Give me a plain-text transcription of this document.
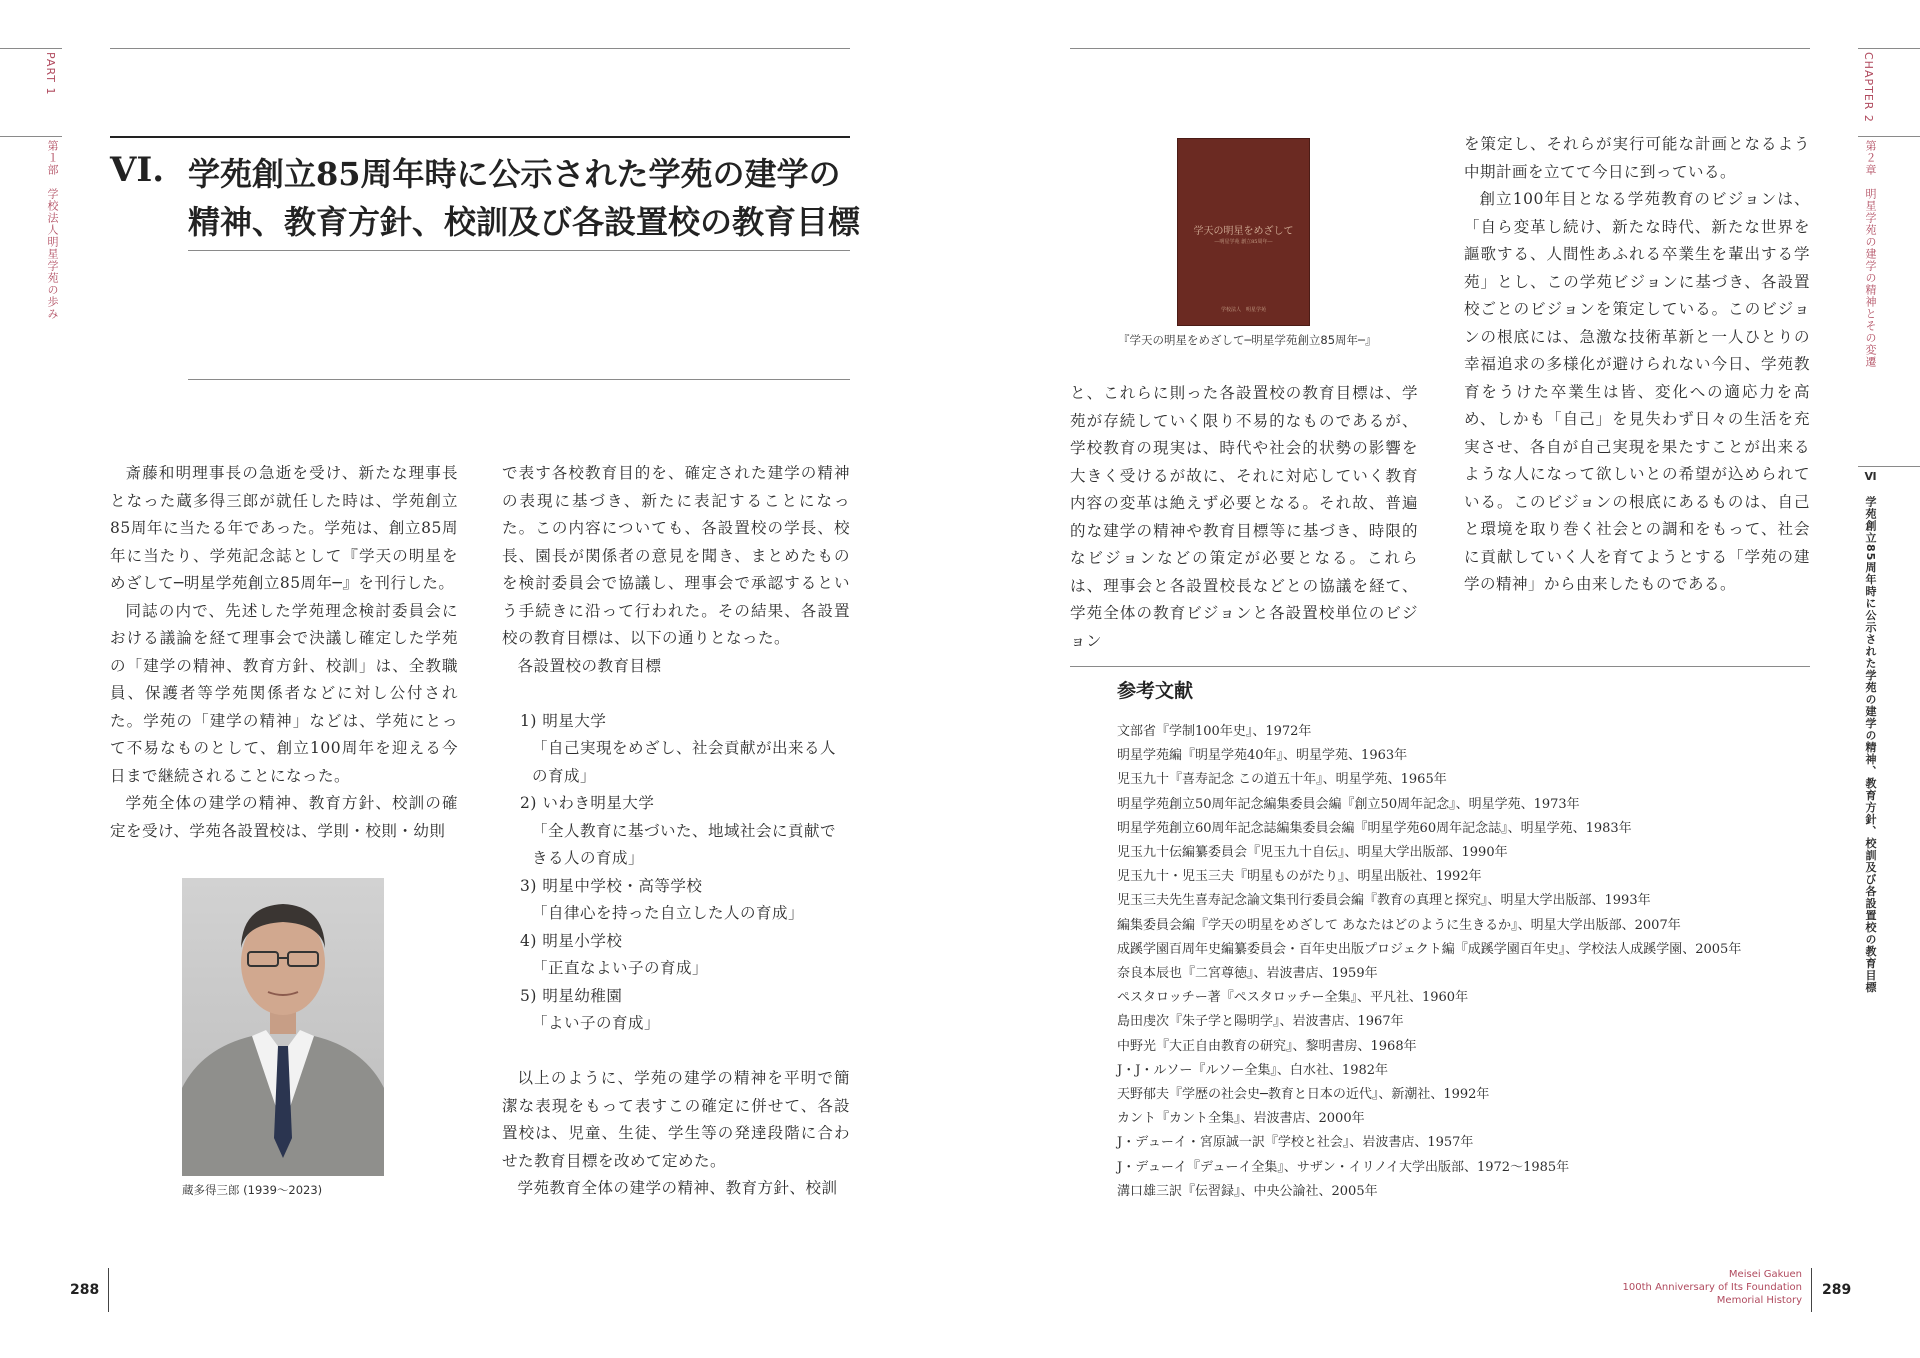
PART 1
第１部　学校法人明星学苑の歩み VI. 学苑創立85周年時に公示された学苑の建学の
精神、教育方針、校訓及び各設置校の教育目標

斎藤和明理事長の急逝を受け、新たな理事長となった蔵多得三郎が就任した時は、学苑創立85周年に当たる年であった。学苑は、創立85周年に当たり、学苑記念誌として『学天の明星をめざして─明星学苑創立85周年─』を刊行した。

同誌の内で、先述した学苑理念検討委員会における議論を経て理事会で決議し確定した学苑の「建学の精神、教育方針、校訓」は、全教職員、保護者等学苑関係者などに対し公付された。学苑の「建学の精神」などは、学苑にとって不易なものとして、創立100周年を迎える今日まで継続されることになった。

学苑全体の建学の精神、教育方針、校訓の確定を受け、学苑各設置校は、学則・校則・幼則

蔵多得三郎 (1939〜2023)

で表す各校教育目的を、確定された建学の精神の表現に基づき、新たに表記することになった。この内容についても、各設置校の学長、校長、園長が関係者の意見を聞き、まとめたものを検討委員会で協議し、理事会で承認するという手続きに沿って行われた。その結果、各設置校の教育目標は、以下の通りとなった。

各設置校の教育目標

1) 明星大学
「自己実現をめざし、社会貢献が出来る人の育成」
2) いわき明星大学
「全人教育に基づいた、地域社会に貢献できる人の育成」
3) 明星中学校・高等学校
「自律心を持った自立した人の育成」
4) 明星小学校
「正直なよい子の育成」
5) 明星幼稚園
「よい子の育成」

以上のように、学苑の建学の精神を平明で簡潔な表現をもって表すこの確定に併せて、各設置校は、児童、生徒、学生等の発達段階に合わせた教育目標を改めて定めた。

学苑教育全体の建学の精神、教育方針、校訓

288
CHAPTER 2
第２章　明星学苑の建学の精神とその変遷
Ⅵ　学苑創立85周年時に公示された学苑の建学の精神、教育方針、校訓及び各設置校の教育目標
学天の明星をめざして
―明星学苑 創立85周年―
学校法人　明星学苑
『学天の明星をめざして─明星学苑創立85周年─』

と、これらに則った各設置校の教育目標は、学苑が存続していく限り不易的なものであるが、学校教育の現実は、時代や社会的状勢の影響を大きく受けるが故に、それに対応していく教育内容の変革は絶えず必要となる。それ故、普遍的な建学の精神や教育目標等に基づき、時限的なビジョンなどの策定が必要となる。これらは、理事会と各設置校長などとの協議を経て、学苑全体の教育ビジョンと各設置校単位のビジョン

を策定し、それらが実行可能な計画となるよう中期計画を立てて今日に到っている。

創立100年目となる学苑教育のビジョンは、「自ら変革し続け、新たな時代、新たな世界を謳歌する、人間性あふれる卒業生を輩出する学苑」とし、この学苑ビジョンに基づき、各設置校ごとのビジョンを策定している。このビジョンの根底には、急激な技術革新と一人ひとりの幸福追求の多様化が避けられない今日、学苑教育をうけた卒業生は皆、変化への適応力を高め、しかも「自己」を見失わず日々の生活を充実させ、各自が自己実現を果たすことが出来るような人になって欲しいとの希望が込められている。このビジョンの根底にあるものは、自己と環境を取り巻く社会との調和をもって、社会に貢献していく人を育てようとする「学苑の建学の精神」から由来したものである。

参考文献
文部省『学制100年史』、1972年
明星学苑編『明星学苑40年』、明星学苑、1963年
児玉九十『喜寿記念 この道五十年』、明星学苑、1965年
明星学苑創立50周年記念編集委員会編『創立50周年記念』、明星学苑、1973年
明星学苑創立60周年記念誌編集委員会編『明星学苑60周年記念誌』、明星学苑、1983年
児玉九十伝編纂委員会『児玉九十自伝』、明星大学出版部、1990年
児玉九十・児玉三夫『明星ものがたり』、明星出版社、1992年
児玉三夫先生喜寿記念論文集刊行委員会編『教育の真理と探究』、明星大学出版部、1993年
編集委員会編『学天の明星をめざして あなたはどのように生きるか』、明星大学出版部、2007年
成蹊学園百周年史編纂委員会・百年史出版プロジェクト編『成蹊学園百年史』、学校法人成蹊学園、2005年
奈良本辰也『二宮尊徳』、岩波書店、1959年
ペスタロッチー著『ペスタロッチー全集』、平凡社、1960年
島田虔次『朱子学と陽明学』、岩波書店、1967年
中野光『大正自由教育の研究』、黎明書房、1968年
J・J・ルソー『ルソー全集』、白水社、1982年
天野郁夫『学歴の社会史─教育と日本の近代』、新潮社、1992年
カント『カント全集』、岩波書店、2000年
J・デューイ・宮原誠一訳『学校と社会』、岩波書店、1957年
J・デューイ『デューイ全集』、サザン・イリノイ大学出版部、1972〜1985年
溝口雄三訳『伝習録』、中央公論社、2005年
Meisei Gakuen
100th Anniversary of Its Foundation
Memorial History
289
